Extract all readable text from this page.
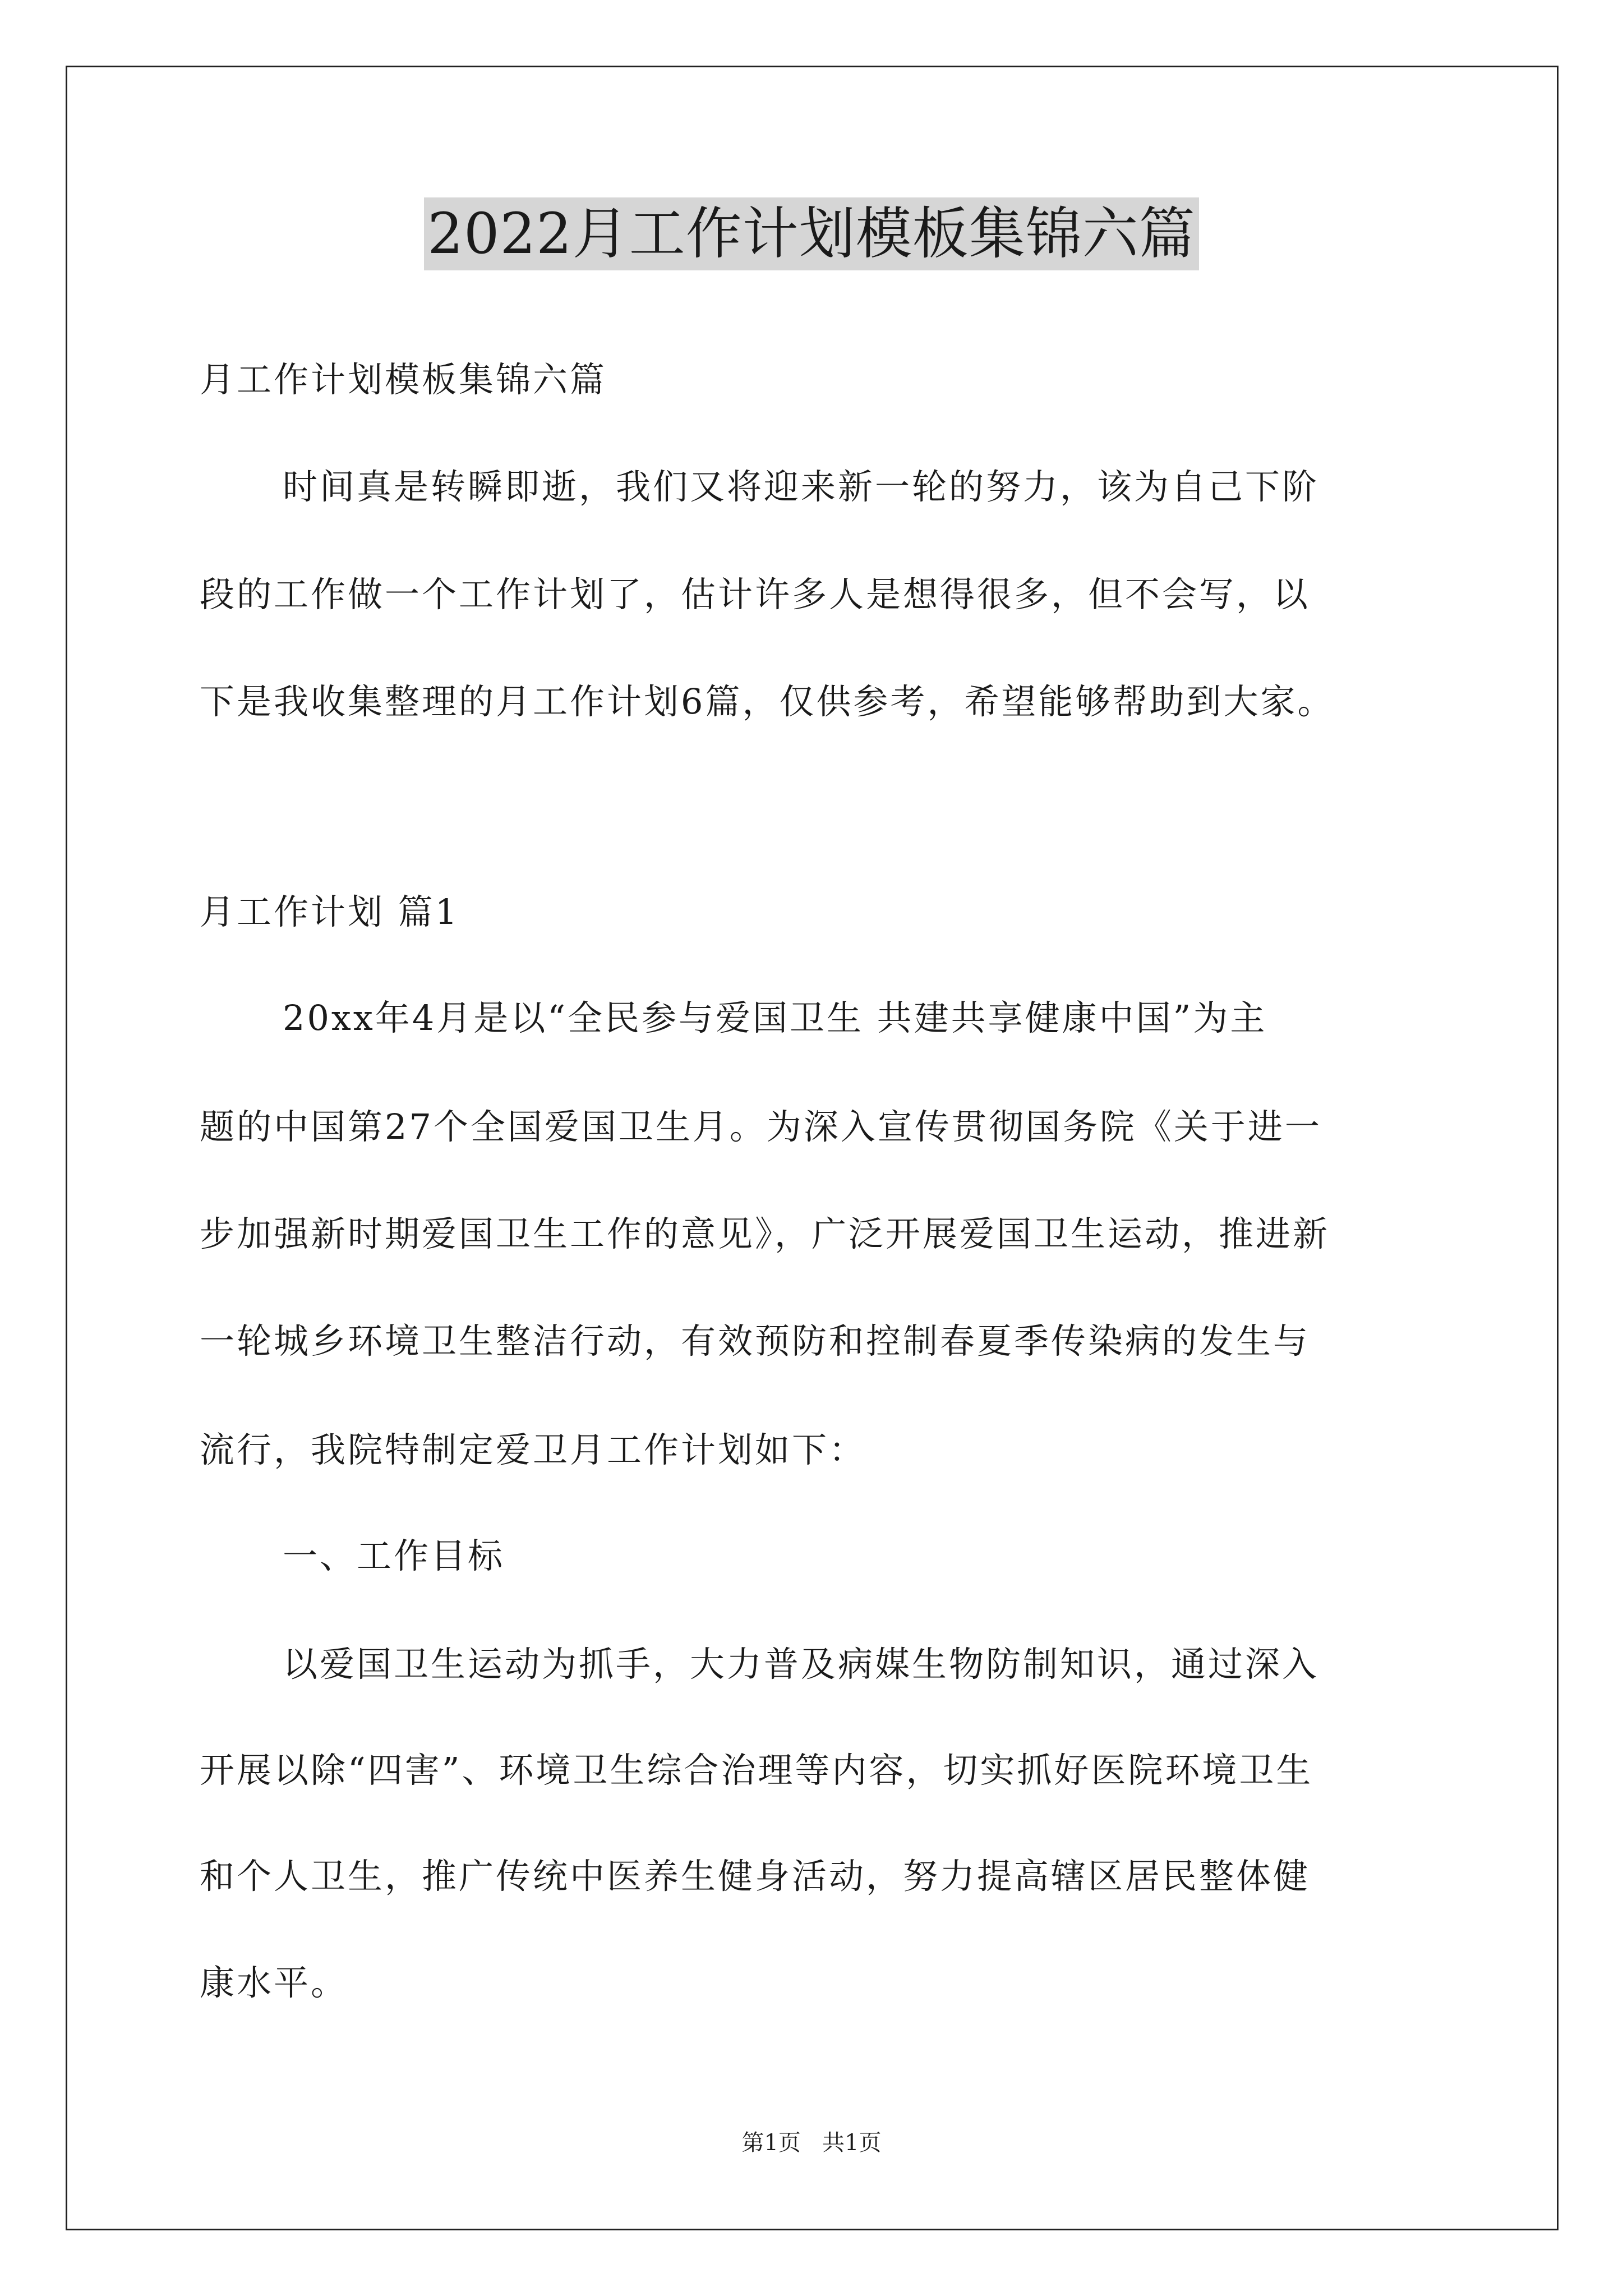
2022月工作计划模板集锦六篇
月工作计划模板集锦六篇
时间真是转瞬即逝，我们又将迎来新一轮的努力，该为自己下阶
段的工作做一个工作计划了，估计许多人是想得很多，但不会写，以
下是我收集整理的月工作计划6篇，仅供参考，希望能够帮助到大家。
月工作计划 篇1
20xx年4月是以“全民参与爱国卫生 共建共享健康中国”为主
题的中国第27个全国爱国卫生月。为深入宣传贯彻国务院《关于进一
步加强新时期爱国卫生工作的意见》，广泛开展爱国卫生运动，推进新
一轮城乡环境卫生整洁行动，有效预防和控制春夏季传染病的发生与
流行，我院特制定爱卫月工作计划如下：
一、工作目标
以爱国卫生运动为抓手，大力普及病媒生物防制知识，通过深入
开展以除“四害”、环境卫生综合治理等内容，切实抓好医院环境卫生
和个人卫生，推广传统中医养生健身活动，努力提高辖区居民整体健
康水平。
第1页   共1页
